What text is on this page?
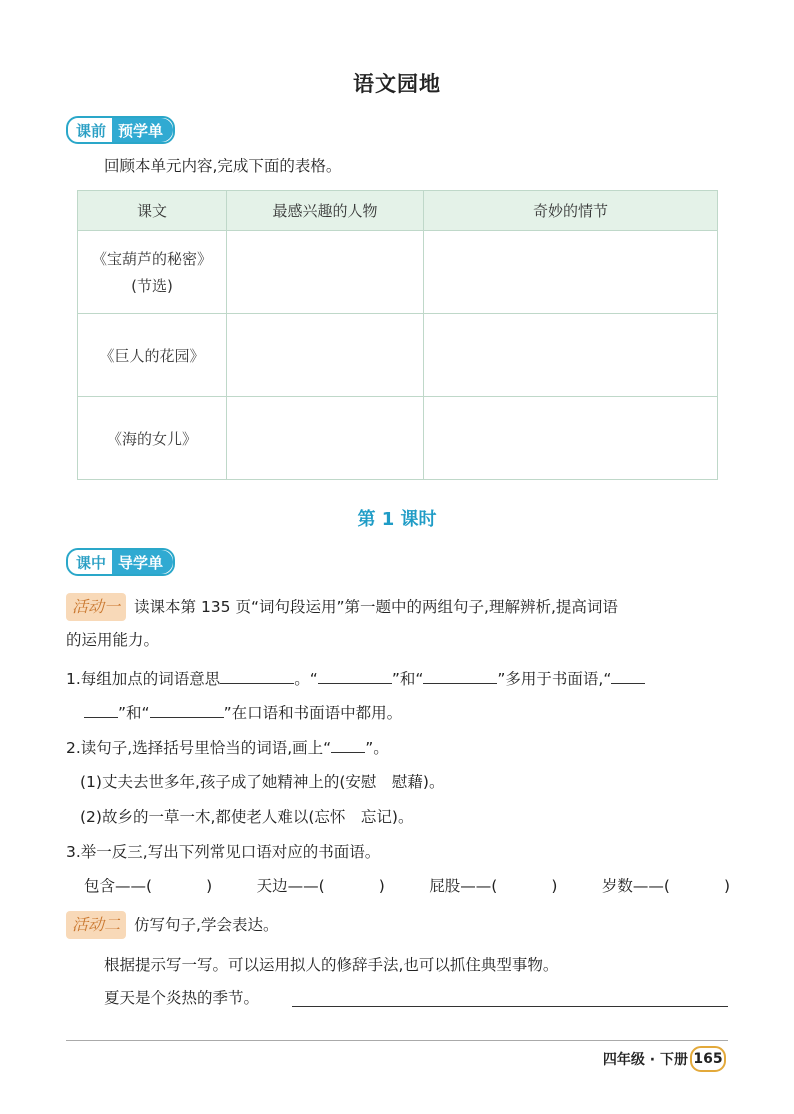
语文园地
课前 预学单
回顾本单元内容,完成下面的表格。
课文	最感兴趣的人物	奇妙的情节

《宝葫芦的秘密》
(节选)		

《巨人的花园》		

《海的女儿》		

第 1 课时
课中 导学单
活动一 读课本第 135 页“词句段运用”第一题中的两组句子,理解辨析,提高词语
的运用能力。
1.每组加点的词语意思	。“	”和“	”多用于书面语,“
”和“	”在口语和书面语中都用。
2.读句子,选择括号里恰当的词语,画上“ ”。
(1)丈夫去世多年,孩子成了她精神上的(安慰　慰藉)。
(2)故乡的一草一木,都使老人难以(忘怀　忘记)。
3.举一反三,写出下列常见口语对应的书面语。
包含——(	)	天边——(	)	屁股——(	)	岁数——(	)
活动二 仿写句子,学会表达。
根据提示写一写。可以运用拟人的修辞手法,也可以抓住典型事物。
夏天是个炎热的季节。
四年级 · 下册 165
